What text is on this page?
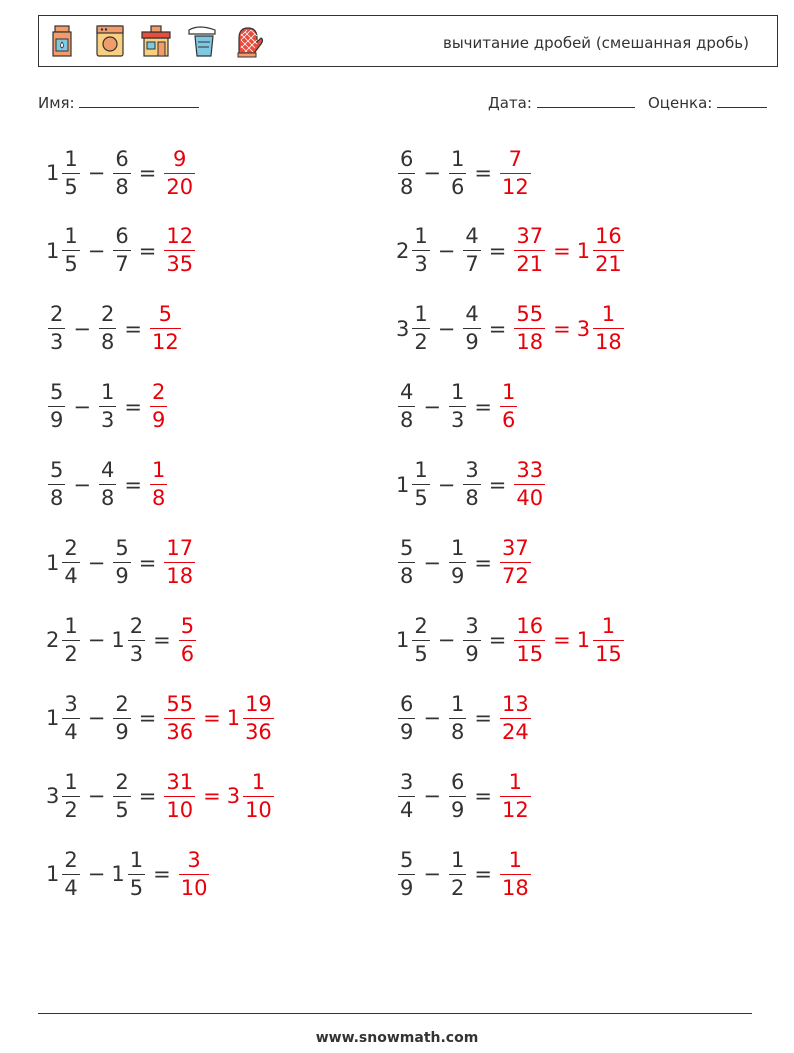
вычитание дробей (смешанная дробь)
Имя:	Дата:	Оценка:
$1 \frac{1}{5} - \frac{6}{8} = \frac{9}{20}$	$\frac{6}{8} - \frac{1}{6} = \frac{7}{12}$
$1 \frac{1}{5} - \frac{6}{7} = \frac{12}{35}$	$2 \frac{1}{3} - \frac{4}{7} = \frac{37}{21} = 1 \frac{16}{21}$
$\frac{2}{3} - \frac{2}{8} = \frac{5}{12}$	$3 \frac{1}{2} - \frac{4}{9} = \frac{55}{18} = 3 \frac{1}{18}$
$\frac{5}{9} - \frac{1}{3} = \frac{2}{9}$	$\frac{4}{8} - \frac{1}{3} = \frac{1}{6}$
$\frac{5}{8} - \frac{4}{8} = \frac{1}{8}$	$1 \frac{1}{5} - \frac{3}{8} = \frac{33}{40}$
$1 \frac{2}{4} - \frac{5}{9} = \frac{17}{18}$	$\frac{5}{8} - \frac{1}{9} = \frac{37}{72}$
$2 \frac{1}{2} - 1 \frac{2}{3} = \frac{5}{6}$	$1 \frac{2}{5} - \frac{3}{9} = \frac{16}{15} = 1 \frac{1}{15}$
$1 \frac{3}{4} - \frac{2}{9} = \frac{55}{36} = 1 \frac{19}{36}$	$\frac{6}{9} - \frac{1}{8} = \frac{13}{24}$
$3 \frac{1}{2} - \frac{2}{5} = \frac{31}{10} = 3 \frac{1}{10}$	$\frac{3}{4} - \frac{6}{9} = \frac{1}{12}$
$1 \frac{2}{4} - 1 \frac{1}{5} = \frac{3}{10}$	$\frac{5}{9} - \frac{1}{2} = \frac{1}{18}$
www.snowmath.com
